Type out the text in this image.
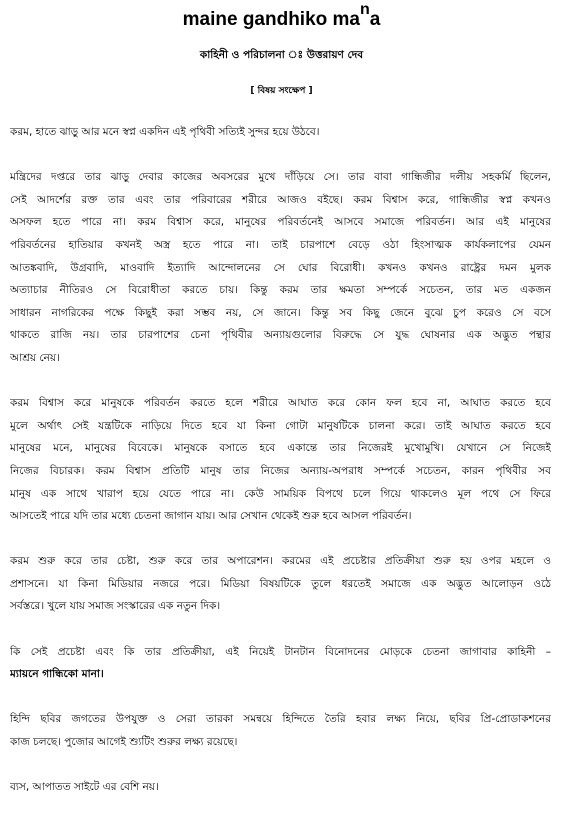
maine gandhiko $ma^na$
কাহিনী ও পরিচালনা ঃ উত্তরায়ণ দেব
[ বিষয় সংক্ষেপ ]
করম, হাতে ঝাড়ু আর মনে স্বপ্ন একদিন এই পৃথিবী সত্যিই সুন্দর হয়ে উঠবে।
মন্ত্রিদের দপ্তরে তার ঝাড়ু দেবার কাজের অবসরের মুখে দাঁড়িয়ে সে। তার বাবা গান্ধিজীর দলীয় সহকর্মি ছিলেন,
সেই আদর্শের রক্ত তার এবং তার পরিবারের শরীরে আজও বইছে। করম বিশ্বাস করে, গান্ধিজীর স্বপ্ন কখনও
অসফল হতে পারে না। করম বিশ্বাস করে, মানুষের পরিবর্তনেই আসবে সমাজে পরিবর্তন। আর এই মানুষের
পরিবর্তনের হাতিয়ার কখনই অস্ত্র হতে পারে না। তাই চারপাশে বেড়ে ওঠা হিংসাত্মক কার্যকলাপের যেমন
আতঙ্কবাদি, উগ্রবাদি, মাওবাদি ইত্যাদি আন্দোলনের সে ঘোর বিরোধী। কখনও কখনও রাষ্ট্রের দমন মুলক
অত্যাচার নীতিরও সে বিরোধীতা করতে চায়। কিন্তু করম তার ক্ষমতা সম্পর্কে সচেতন, তার মত একজন
সাধারন নাগরিকের পক্ষে কিছুই করা সম্ভব নয়, সে জানে। কিন্তু সব কিছু জেনে বুঝে চুপ করেও সে বসে
থাকতে রাজি নয়। তার চারপাশের চেনা পৃথিবীর অন্যায়গুলোর বিরুদ্ধে সে যুদ্ধ ঘোষনার এক অদ্ভুত পন্থার
আশ্রয় নেয়।
করম বিশ্বাস করে মানুষকে পরিবর্তন করতে হলে শরীরে আঘাত করে কোন ফল হবে না, আঘাত করতে হবে
মুলে অর্থাৎ সেই যন্ত্রটিকে নাড়িয়ে দিতে হবে যা কিনা গোটা মানুষটিকে চালনা করে। তাই আঘাত করতে হবে
মানুষের মনে, মানুষের বিবেকে। মানুষকে বসাতে হবে একান্তে তার নিজেরই মুখোমুখি। যেখানে সে নিজেই
নিজের বিচারক। করম বিশ্বাস প্রতিটি মানুষ তার নিজের অন্যায়-অপরাধ সম্পর্কে সচেতন, কারন পৃথিবীর সব
মানুষ এক সাথে খারাপ হয়ে যেতে পারে না। কেউ সাময়িক বিপথে চলে গিয়ে থাকলেও মূল পথে সে ফিরে
আসতেই পারে যদি তার মধ্যে চেতনা জাগান যায়। আর সেখান থেকেই শুরু হবে আসল পরিবর্তন।
করম শুরু করে তার চেষ্টা, শুরু করে তার অপারেশন। করমের এই প্রচেষ্টার প্রতিক্রীয়া শুরু হয় ওপর মহলে ও
প্রশাসনে। যা কিনা মিডিয়ার নজরে পরে। মিডিয়া বিষয়টিকে তুলে ধরতেই সমাজে এক অদ্ভুত আলোড়ন ওঠে
সর্বস্তরে। খুলে যায় সমাজ সংস্কারের এক নতুন দিক।
কি সেই প্রচেষ্টা এবং কি তার প্রতিক্রীয়া, এই নিয়েই টানটান বিনোদনের মোড়কে চেতনা জাগাবার কাহিনী –
ম্যায়নে গান্ধিকো মানা।
হিন্দি ছবির জগতের উপযুক্ত ও সেরা তারকা সমন্বয়ে হিন্দিতে তৈরি হবার লক্ষ্য নিয়ে, ছবির প্রি-প্রোডাকশনের
কাজ চলছে। পুজোর আগেই শ্যুটিং শুরুর লক্ষ্য রয়েছে।
ব্যস, আপাতত সাইটে এর বেশি নয়।
